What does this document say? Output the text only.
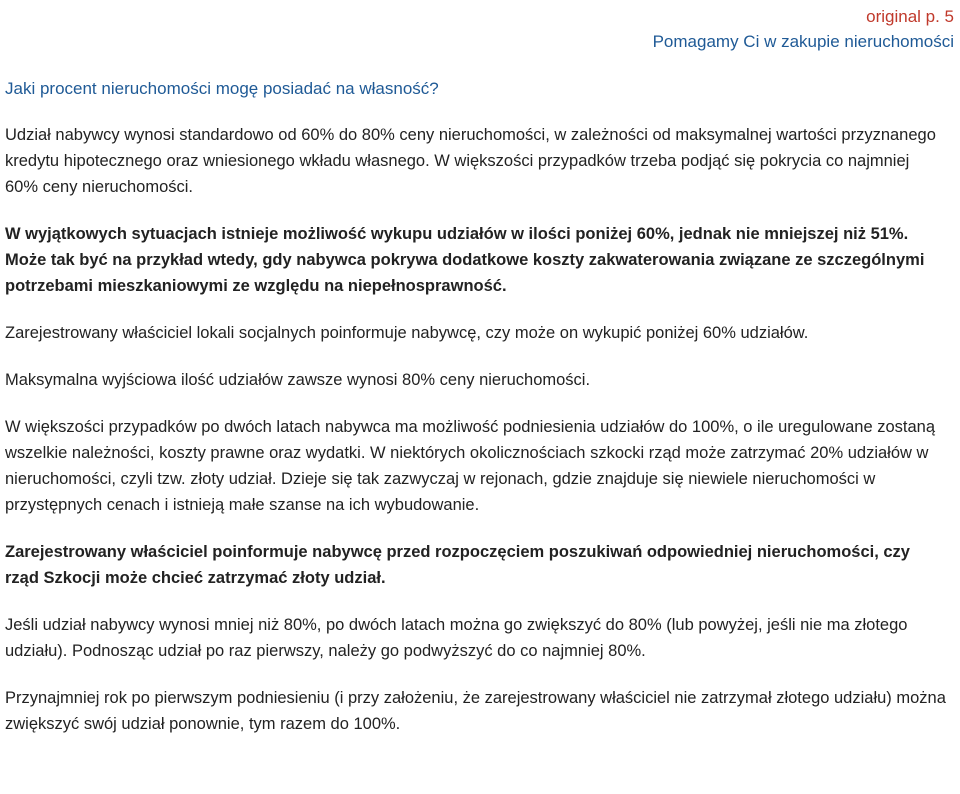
original p. 5
Pomagamy Ci w zakupie nieruchomości
Jaki procent nieruchomości mogę posiadać na własność?

Udział nabywcy wynosi standardowo od 60% do 80% ceny nieruchomości, w zależności od maksymalnej wartości przyznanego kredytu hipotecznego oraz wniesionego wkładu własnego. W większości przypadków trzeba podjąć się pokrycia co najmniej 60% ceny nieruchomości.

W wyjątkowych sytuacjach istnieje możliwość wykupu udziałów w ilości poniżej 60%, jednak nie mniejszej niż 51%. Może tak być na przykład wtedy, gdy nabywca pokrywa dodatkowe koszty zakwaterowania związane ze szczególnymi potrzebami mieszkaniowymi ze względu na niepełnosprawność.

Zarejestrowany właściciel lokali socjalnych poinformuje nabywcę, czy może on wykupić poniżej 60% udziałów.

Maksymalna wyjściowa ilość udziałów zawsze wynosi 80% ceny nieruchomości.

W większości przypadków po dwóch latach nabywca ma możliwość podniesienia udziałów do 100%, o ile uregulowane zostaną wszelkie należności, koszty prawne oraz wydatki. W niektórych okolicznościach szkocki rząd może zatrzymać 20% udziałów w nieruchomości, czyli tzw. złoty udział. Dzieje się tak zazwyczaj w rejonach, gdzie znajduje się niewiele nieruchomości w przystępnych cenach i istnieją małe szanse na ich wybudowanie.

Zarejestrowany właściciel poinformuje nabywcę przed rozpoczęciem poszukiwań odpowiedniej nieruchomości, czy rząd Szkocji może chcieć zatrzymać złoty udział.

Jeśli udział nabywcy wynosi mniej niż 80%, po dwóch latach można go zwiększyć do 80% (lub powyżej, jeśli nie ma złotego udziału). Podnosząc udział po raz pierwszy, należy go podwyższyć do co najmniej 80%.

Przynajmniej rok po pierwszym podniesieniu (i przy założeniu, że zarejestrowany właściciel nie zatrzymał złotego udziału) można zwiększyć swój udział ponownie, tym razem do 100%.
